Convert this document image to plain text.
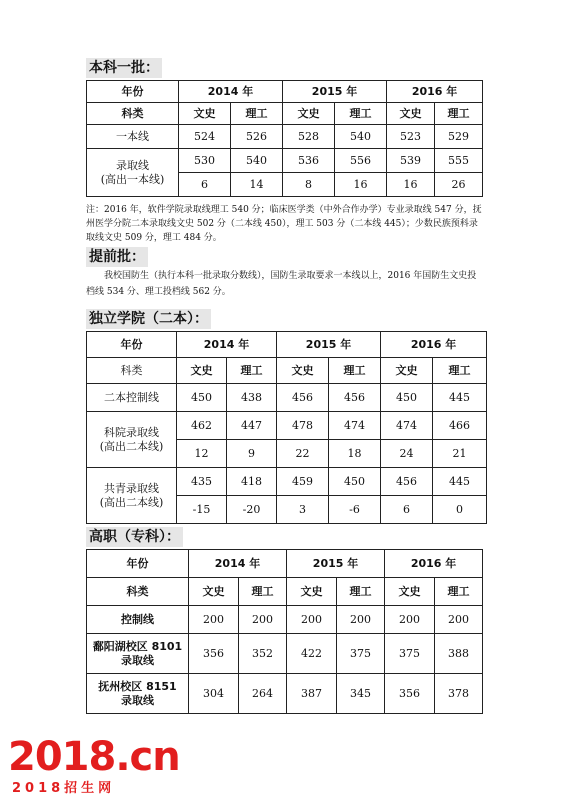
本科一批：
年份	2014 年		2015 年		2016 年	
科类	文史	理工	文史	理工	文史	理工
一本线	524	526	528	540	523	529
录取线
(高出一本线)	530	540	536	556	539	555
	6	14	8	16	16	26
注：2016 年，软件学院录取线理工 540 分；临床医学类（中外合作办学）专业录取线 547 分，抚州医学分院二本录取线文史 502 分（二本线 450），理工 503 分（二本线 445）；少数民族预科录取线文史 509 分，理工 484 分。
提前批：
我校国防生（执行本科一批录取分数线），国防生录取要求一本线以上，2016 年国防生文史投档线 534 分、理工投档线 562 分。
独立学院（二本）：
年份	2014 年		2015 年		2016 年	
科类	文史	理工	文史	理工	文史	理工
二本控制线	450	438	456	456	450	445
科院录取线
(高出二本线)	462	447	478	474	474	466
	12	9	22	18	24	21
共青录取线
(高出二本线)	435	418	459	450	456	445
	-15	-20	3	-6	6	0
高职（专科）：
年份	2014 年		2015 年		2016 年	
科类	文史	理工	文史	理工	文史	理工
控制线	200	200	200	200	200	200
鄱阳湖校区 8101
录取线	356	352	422	375	375	388
抚州校区 8151
录取线	304	264	387	345	356	378
2018.cn
2018招生网
